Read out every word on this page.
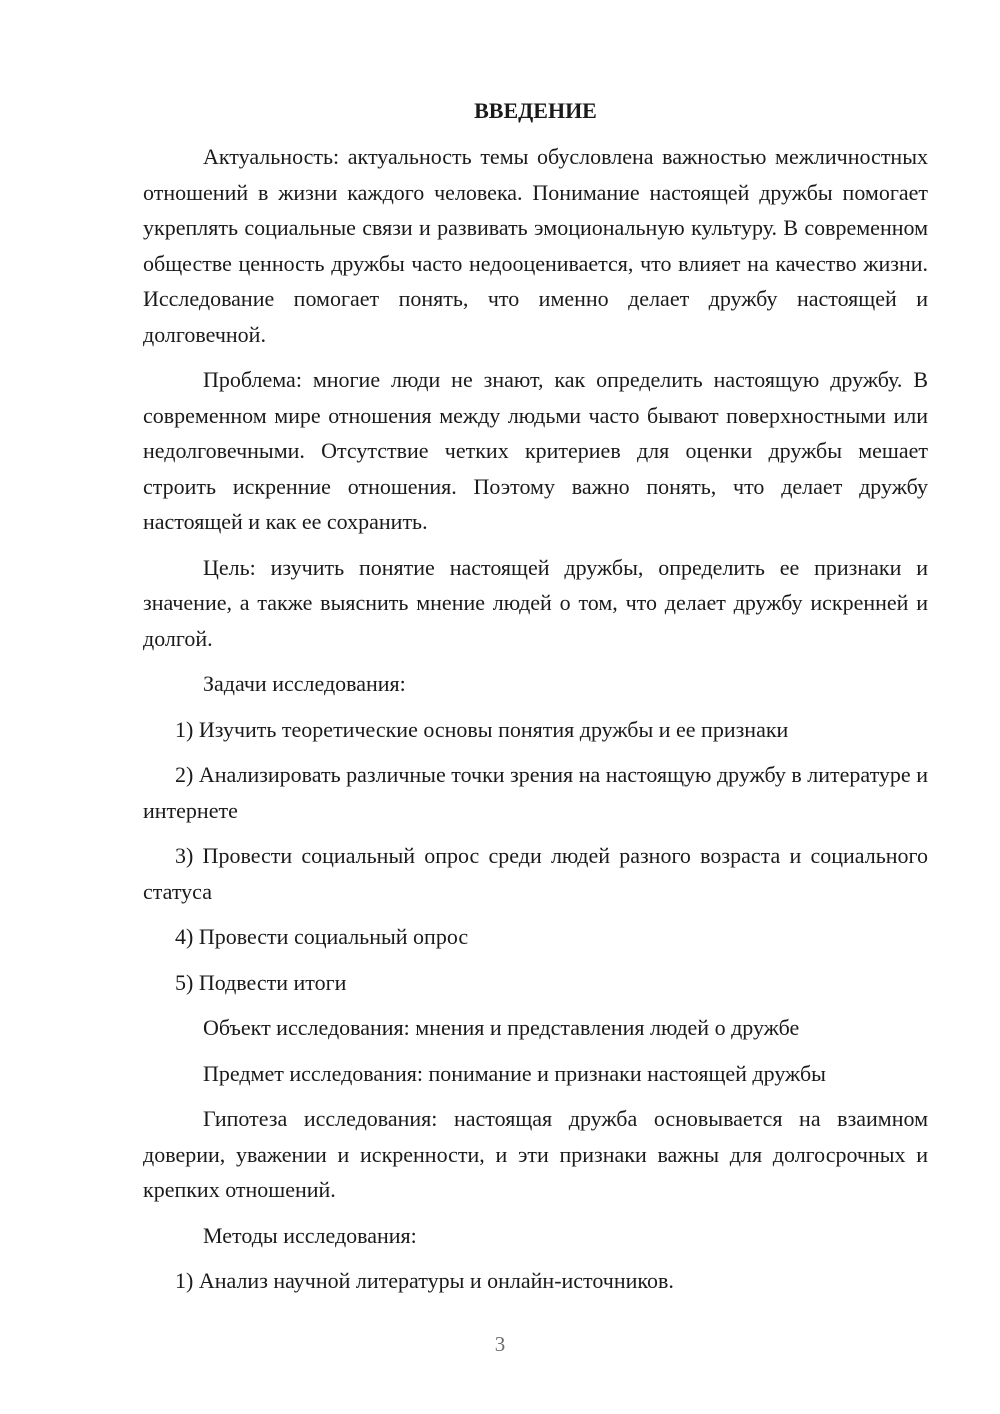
ВВЕДЕНИЕ
Актуальность: актуальность темы обусловлена важностью межличностных отношений в жизни каждого человека. Понимание настоящей дружбы помогает укреплять социальные связи и развивать эмоциональную культуру. В современном обществе ценность дружбы часто недооценивается, что влияет на качество жизни. Исследование помогает понять, что именно делает дружбу настоящей и долговечной.
Проблема: многие люди не знают, как определить настоящую дружбу. В современном мире отношения между людьми часто бывают поверхностными или недолговечными. Отсутствие четких критериев для оценки дружбы мешает строить искренние отношения. Поэтому важно понять, что делает дружбу настоящей и как ее сохранить.
Цель: изучить понятие настоящей дружбы, определить ее признаки и значение, а также выяснить мнение людей о том, что делает дружбу искренней и долгой.
Задачи исследования:
1) Изучить теоретические основы понятия дружбы и ее признаки
2) Анализировать различные точки зрения на настоящую дружбу в литературе и интернете
3) Провести социальный опрос среди людей разного возраста и социального статуса
4) Провести социальный опрос
5) Подвести итоги
Объект исследования: мнения и представления людей о дружбе
Предмет исследования: понимание и признаки настоящей дружбы
Гипотеза исследования: настоящая дружба основывается на взаимном доверии, уважении и искренности, и эти признаки важны для долгосрочных и крепких отношений.
Методы исследования:
1) Анализ научной литературы и онлайн-источников.
3
